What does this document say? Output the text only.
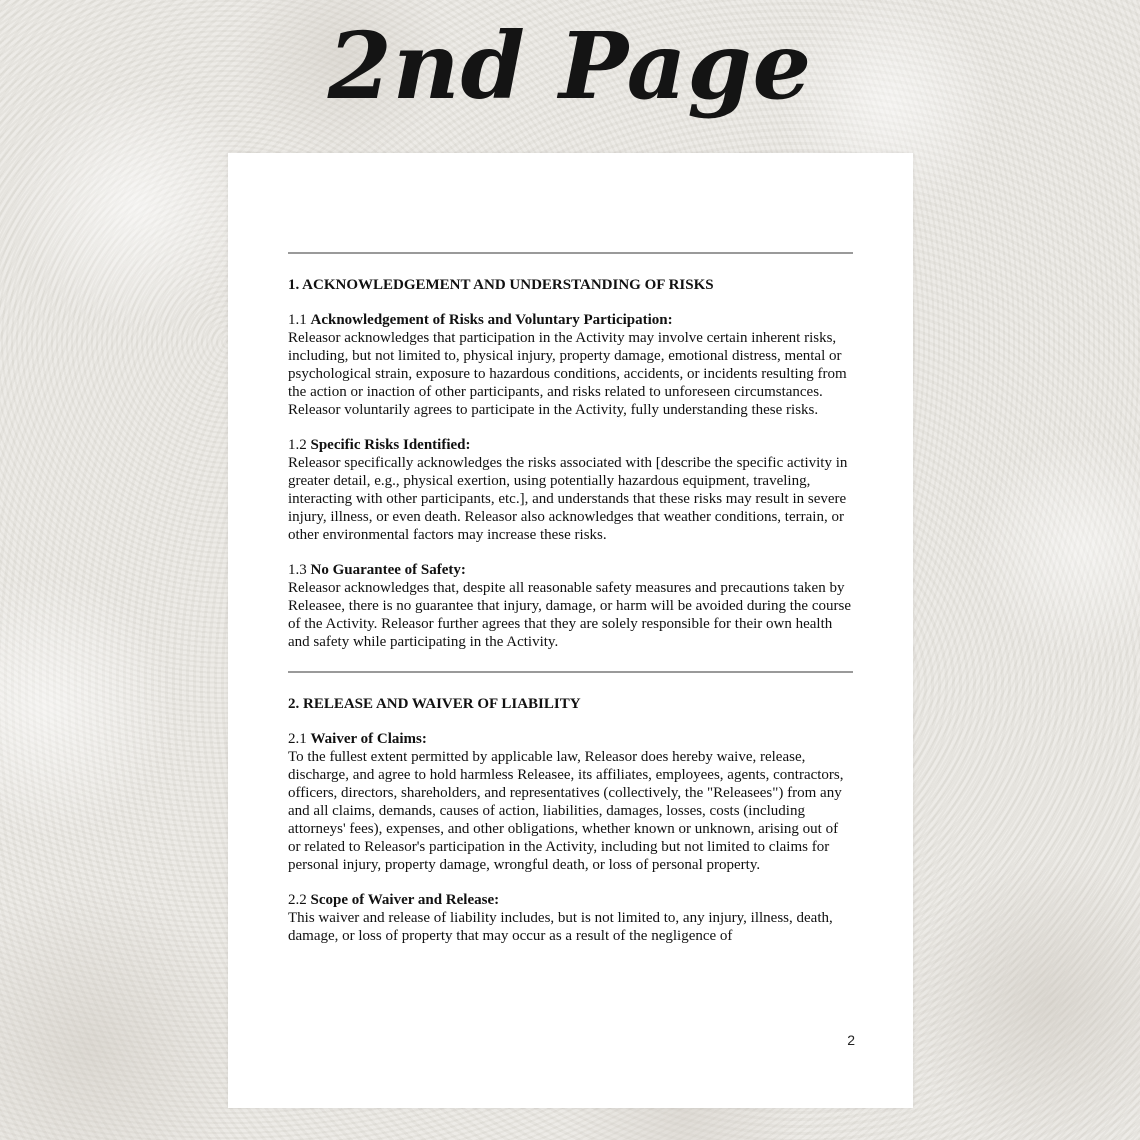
2nd Page
1. ACKNOWLEDGEMENT AND UNDERSTANDING OF RISKS
1.1 Acknowledgement of Risks and Voluntary Participation:

Releasor acknowledges that participation in the Activity may involve certain inherent risks, including, but not limited to, physical injury, property damage, emotional distress, mental or psychological strain, exposure to hazardous conditions, accidents, or incidents resulting from the action or inaction of other participants, and risks related to unforeseen circumstances. Releasor voluntarily agrees to participate in the Activity, fully understanding these risks.

1.2 Specific Risks Identified:

Releasor specifically acknowledges the risks associated with [describe the specific activity in greater detail, e.g., physical exertion, using potentially hazardous equipment, traveling, interacting with other participants, etc.], and understands that these risks may result in severe injury, illness, or even death. Releasor also acknowledges that weather conditions, terrain, or other environmental factors may increase these risks.

1.3 No Guarantee of Safety:

Releasor acknowledges that, despite all reasonable safety measures and precautions taken by Releasee, there is no guarantee that injury, damage, or harm will be avoided during the course of the Activity. Releasor further agrees that they are solely responsible for their own health and safety while participating in the Activity.

2. RELEASE AND WAIVER OF LIABILITY
2.1 Waiver of Claims:

To the fullest extent permitted by applicable law, Releasor does hereby waive, release, discharge, and agree to hold harmless Releasee, its affiliates, employees, agents, contractors, officers, directors, shareholders, and representatives (collectively, the "Releasees") from any and all claims, demands, causes of action, liabilities, damages, losses, costs (including attorneys' fees), expenses, and other obligations, whether known or unknown, arising out of or related to Releasor's participation in the Activity, including but not limited to claims for personal injury, property damage, wrongful death, or loss of personal property.

2.2 Scope of Waiver and Release:

This waiver and release of liability includes, but is not limited to, any injury, illness, death, damage, or loss of property that may occur as a result of the negligence of

2
